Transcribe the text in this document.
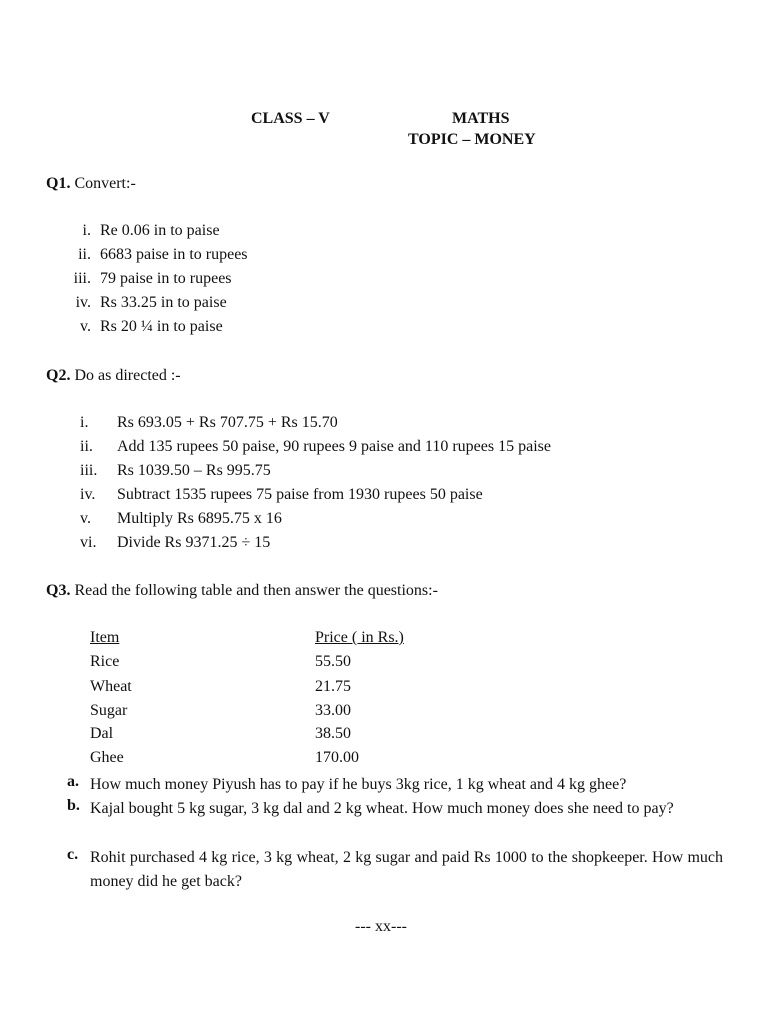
CLASS – V	MATHS
TOPIC – MONEY
Q1. Convert:-
i. Re 0.06 in to paise
ii. 6683 paise in to rupees
iii. 79 paise in to rupees
iv. Rs 33.25 in to paise
v. Rs 20 ¼ in to paise
Q2. Do as directed :-
i.	Rs 693.05 + Rs 707.75 + Rs 15.70
ii.	Add 135 rupees 50 paise, 90 rupees 9 paise and 110 rupees 15 paise
iii.	Rs 1039.50 – Rs 995.75
iv.	Subtract 1535 rupees 75 paise from 1930 rupees 50 paise
v.	Multiply Rs 6895.75 x 16
vi.	Divide Rs 9371.25 ÷ 15
Q3. Read the following table and then answer the questions:-
Item	Price ( in Rs.)
Rice	55.50
Wheat	21.75
Sugar	33.00
Dal	38.50
Ghee	170.00
a. How much money Piyush has to pay if he buys 3kg rice, 1 kg wheat and 4 kg ghee?
b. Kajal bought 5 kg sugar, 3 kg dal and 2 kg wheat. How much money does she need to pay?
c. Rohit purchased 4 kg rice, 3 kg wheat, 2 kg sugar and paid Rs 1000 to the shopkeeper. How much money did he get back?
--- xx---
